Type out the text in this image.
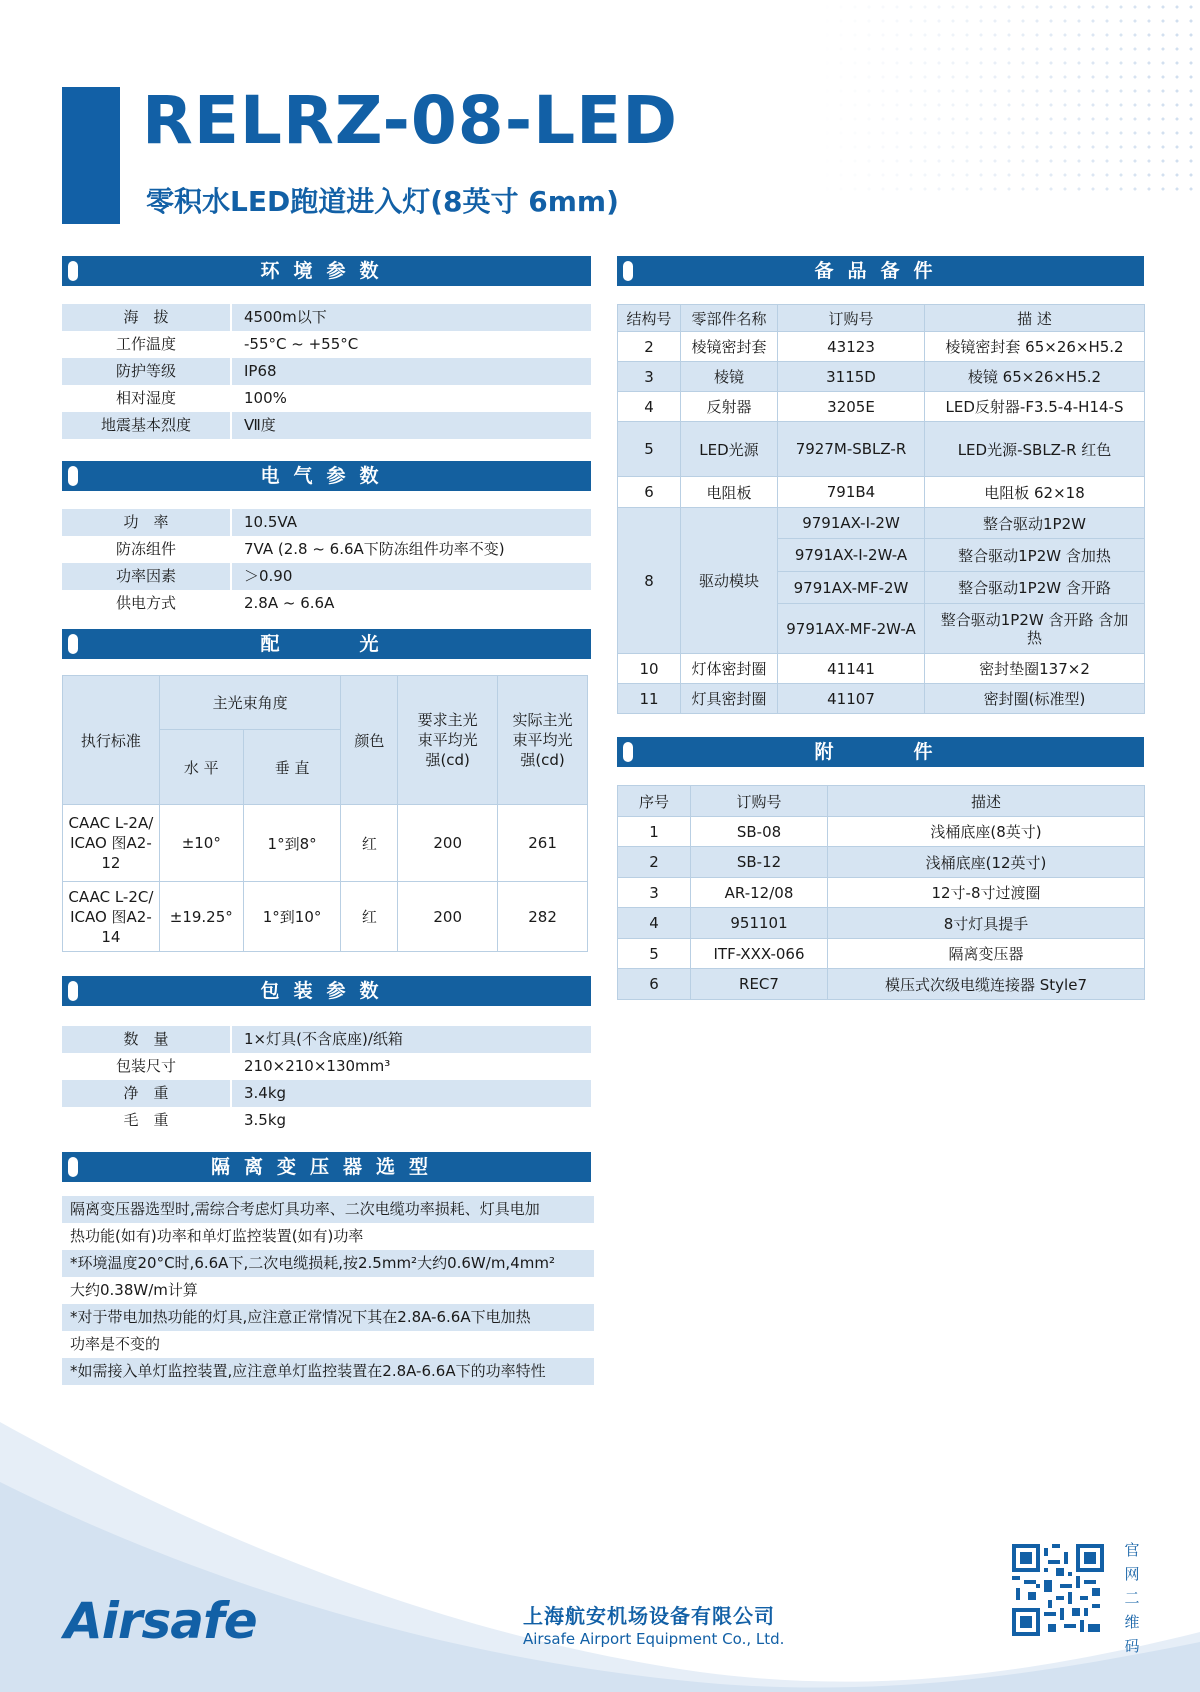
RELRZ-08-LED
零积水LED跑道进入灯(8英寸 6mm)
环境参数
海　拔	4500m以下
工作温度	-55°C ~ +55°C
防护等级	IP68
相对湿度	100%
地震基本烈度	Ⅶ度
电气参数
功　率	10.5VA
防冻组件	7VA (2.8 ~ 6.6A下防冻组件功率不变)
功率因素	＞0.90
供电方式	2.8A ~ 6.6A
配　　光
执行标准	主光束角度		颜色	要求主光束平均光强(cd)	实际主光束平均光强(cd)
	水 平	垂 直			
CAAC L-2A/ ICAO 图A2-12	±10°	1°到8°	红	200	261
CAAC L-2C/ ICAO 图A2-14	±19.25°	1°到10°	红	200	282
包装参数
数　量	1×灯具(不含底座)/纸箱
包装尺寸	210×210×130mm³
净　重	3.4kg
毛　重	3.5kg
隔离变压器选型
隔离变压器选型时,需综合考虑灯具功率、二次电缆功率损耗、灯具电加
热功能(如有)功率和单灯监控装置(如有)功率
*环境温度20°C时,6.6A下,二次电缆损耗,按2.5mm²大约0.6W/m,4mm²
大约0.38W/m计算
*对于带电加热功能的灯具,应注意正常情况下其在2.8A-6.6A下电加热
功率是不变的
*如需接入单灯监控装置,应注意单灯监控装置在2.8A-6.6A下的功率特性
备品备件
结构号	零部件名称	订购号	描 述
2	棱镜密封套	43123	棱镜密封套 65×26×H5.2
3	棱镜	3115D	棱镜 65×26×H5.2
4	反射器	3205E	LED反射器-F3.5-4-H14-S
5	LED光源	7927M-SBLZ-R	LED光源-SBLZ-R 红色
6	电阻板	791B4	电阻板 62×18
8	驱动模块	9791AX-I-2W	整合驱动1P2W
		9791AX-I-2W-A	整合驱动1P2W 含加热
		9791AX-MF-2W	整合驱动1P2W 含开路
		9791AX-MF-2W-A	整合驱动1P2W 含开路 含加热
10	灯体密封圈	41141	密封垫圈137×2
11	灯具密封圈	41107	密封圈(标准型)
附　　件
序号	订购号	描述
1	SB-08	浅桶底座(8英寸)
2	SB-12	浅桶底座(12英寸)
3	AR-12/08	12寸-8寸过渡圈
4	951101	8寸灯具提手
5	ITF-XXX-066	隔离变压器
6	REC7	模压式次级电缆连接器 Style7
Airsafe	上海航安机场设备有限公司
Airsafe Airport Equipment Co., Ltd.
官网二维码
